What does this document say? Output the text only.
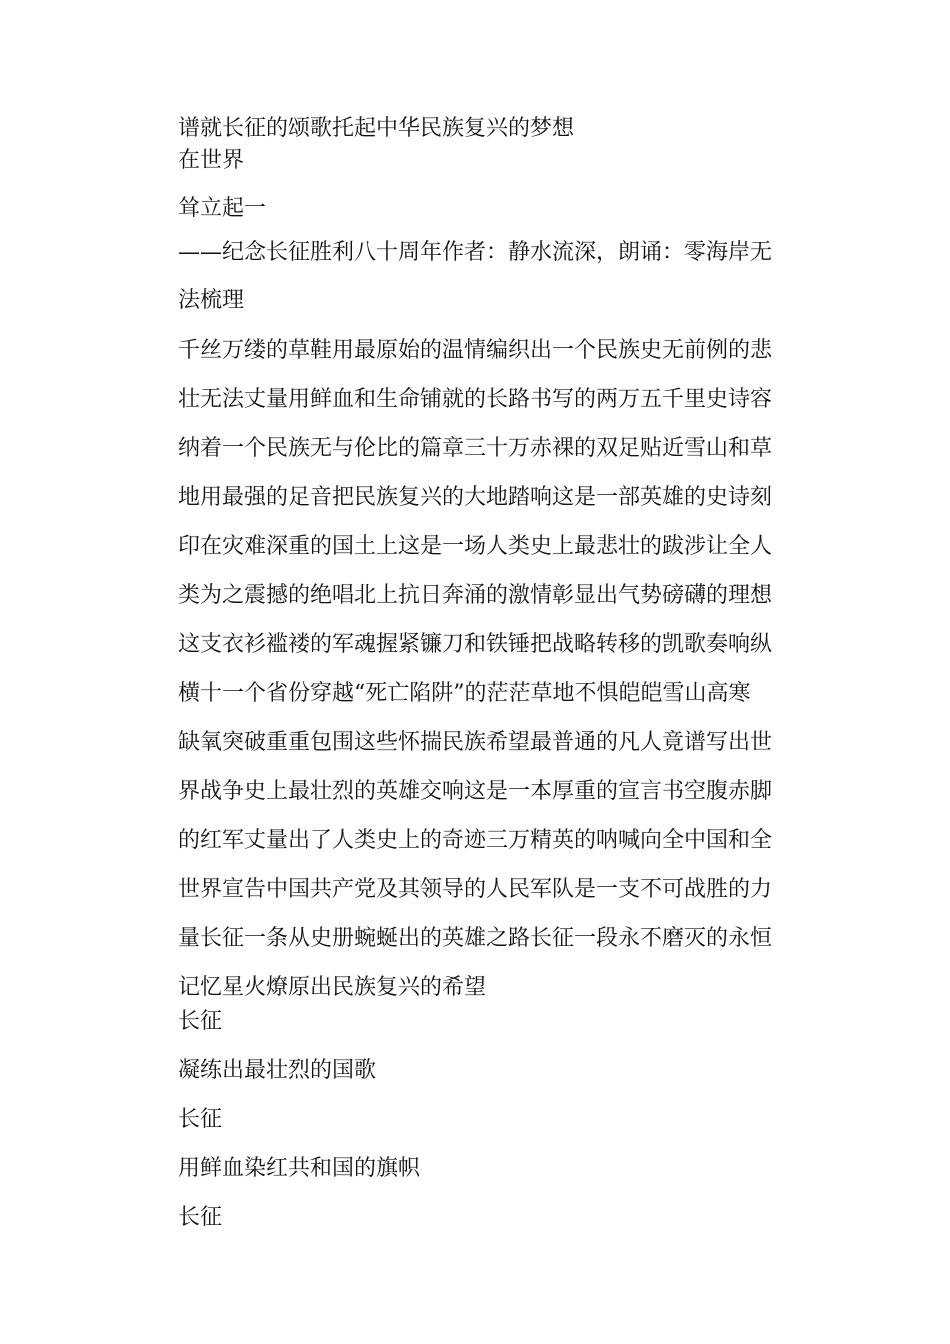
谱就长征的颂歌托起中华民族复兴的梦想
在世界
耸立起一
——纪念长征胜利八十周年作者：静水流深，朗诵：零海岸无
法梳理
千丝万缕的草鞋用最原始的温情编织出一个民族史无前例的悲
壮无法丈量用鲜血和生命铺就的长路书写的两万五千里史诗容
纳着一个民族无与伦比的篇章三十万赤裸的双足贴近雪山和草
地用最强的足音把民族复兴的大地踏响这是一部英雄的史诗刻
印在灾难深重的国土上这是一场人类史上最悲壮的跋涉让全人
类为之震撼的绝唱北上抗日奔涌的激情彰显出气势磅礴的理想
这支衣衫褴褛的军魂握紧镰刀和铁锤把战略转移的凯歌奏响纵
横十一个省份穿越“死亡陷阱”的茫茫草地不惧皑皑雪山高寒
缺氧突破重重包围这些怀揣民族希望最普通的凡人竟谱写出世
界战争史上最壮烈的英雄交响这是一本厚重的宣言书空腹赤脚
的红军丈量出了人类史上的奇迹三万精英的呐喊向全中国和全
世界宣告中国共产党及其领导的人民军队是一支不可战胜的力
量长征一条从史册蜿蜒出的英雄之路长征一段永不磨灭的永恒
记忆星火燎原出民族复兴的希望
长征
凝练出最壮烈的国歌
长征
用鲜血染红共和国的旗帜
长征
